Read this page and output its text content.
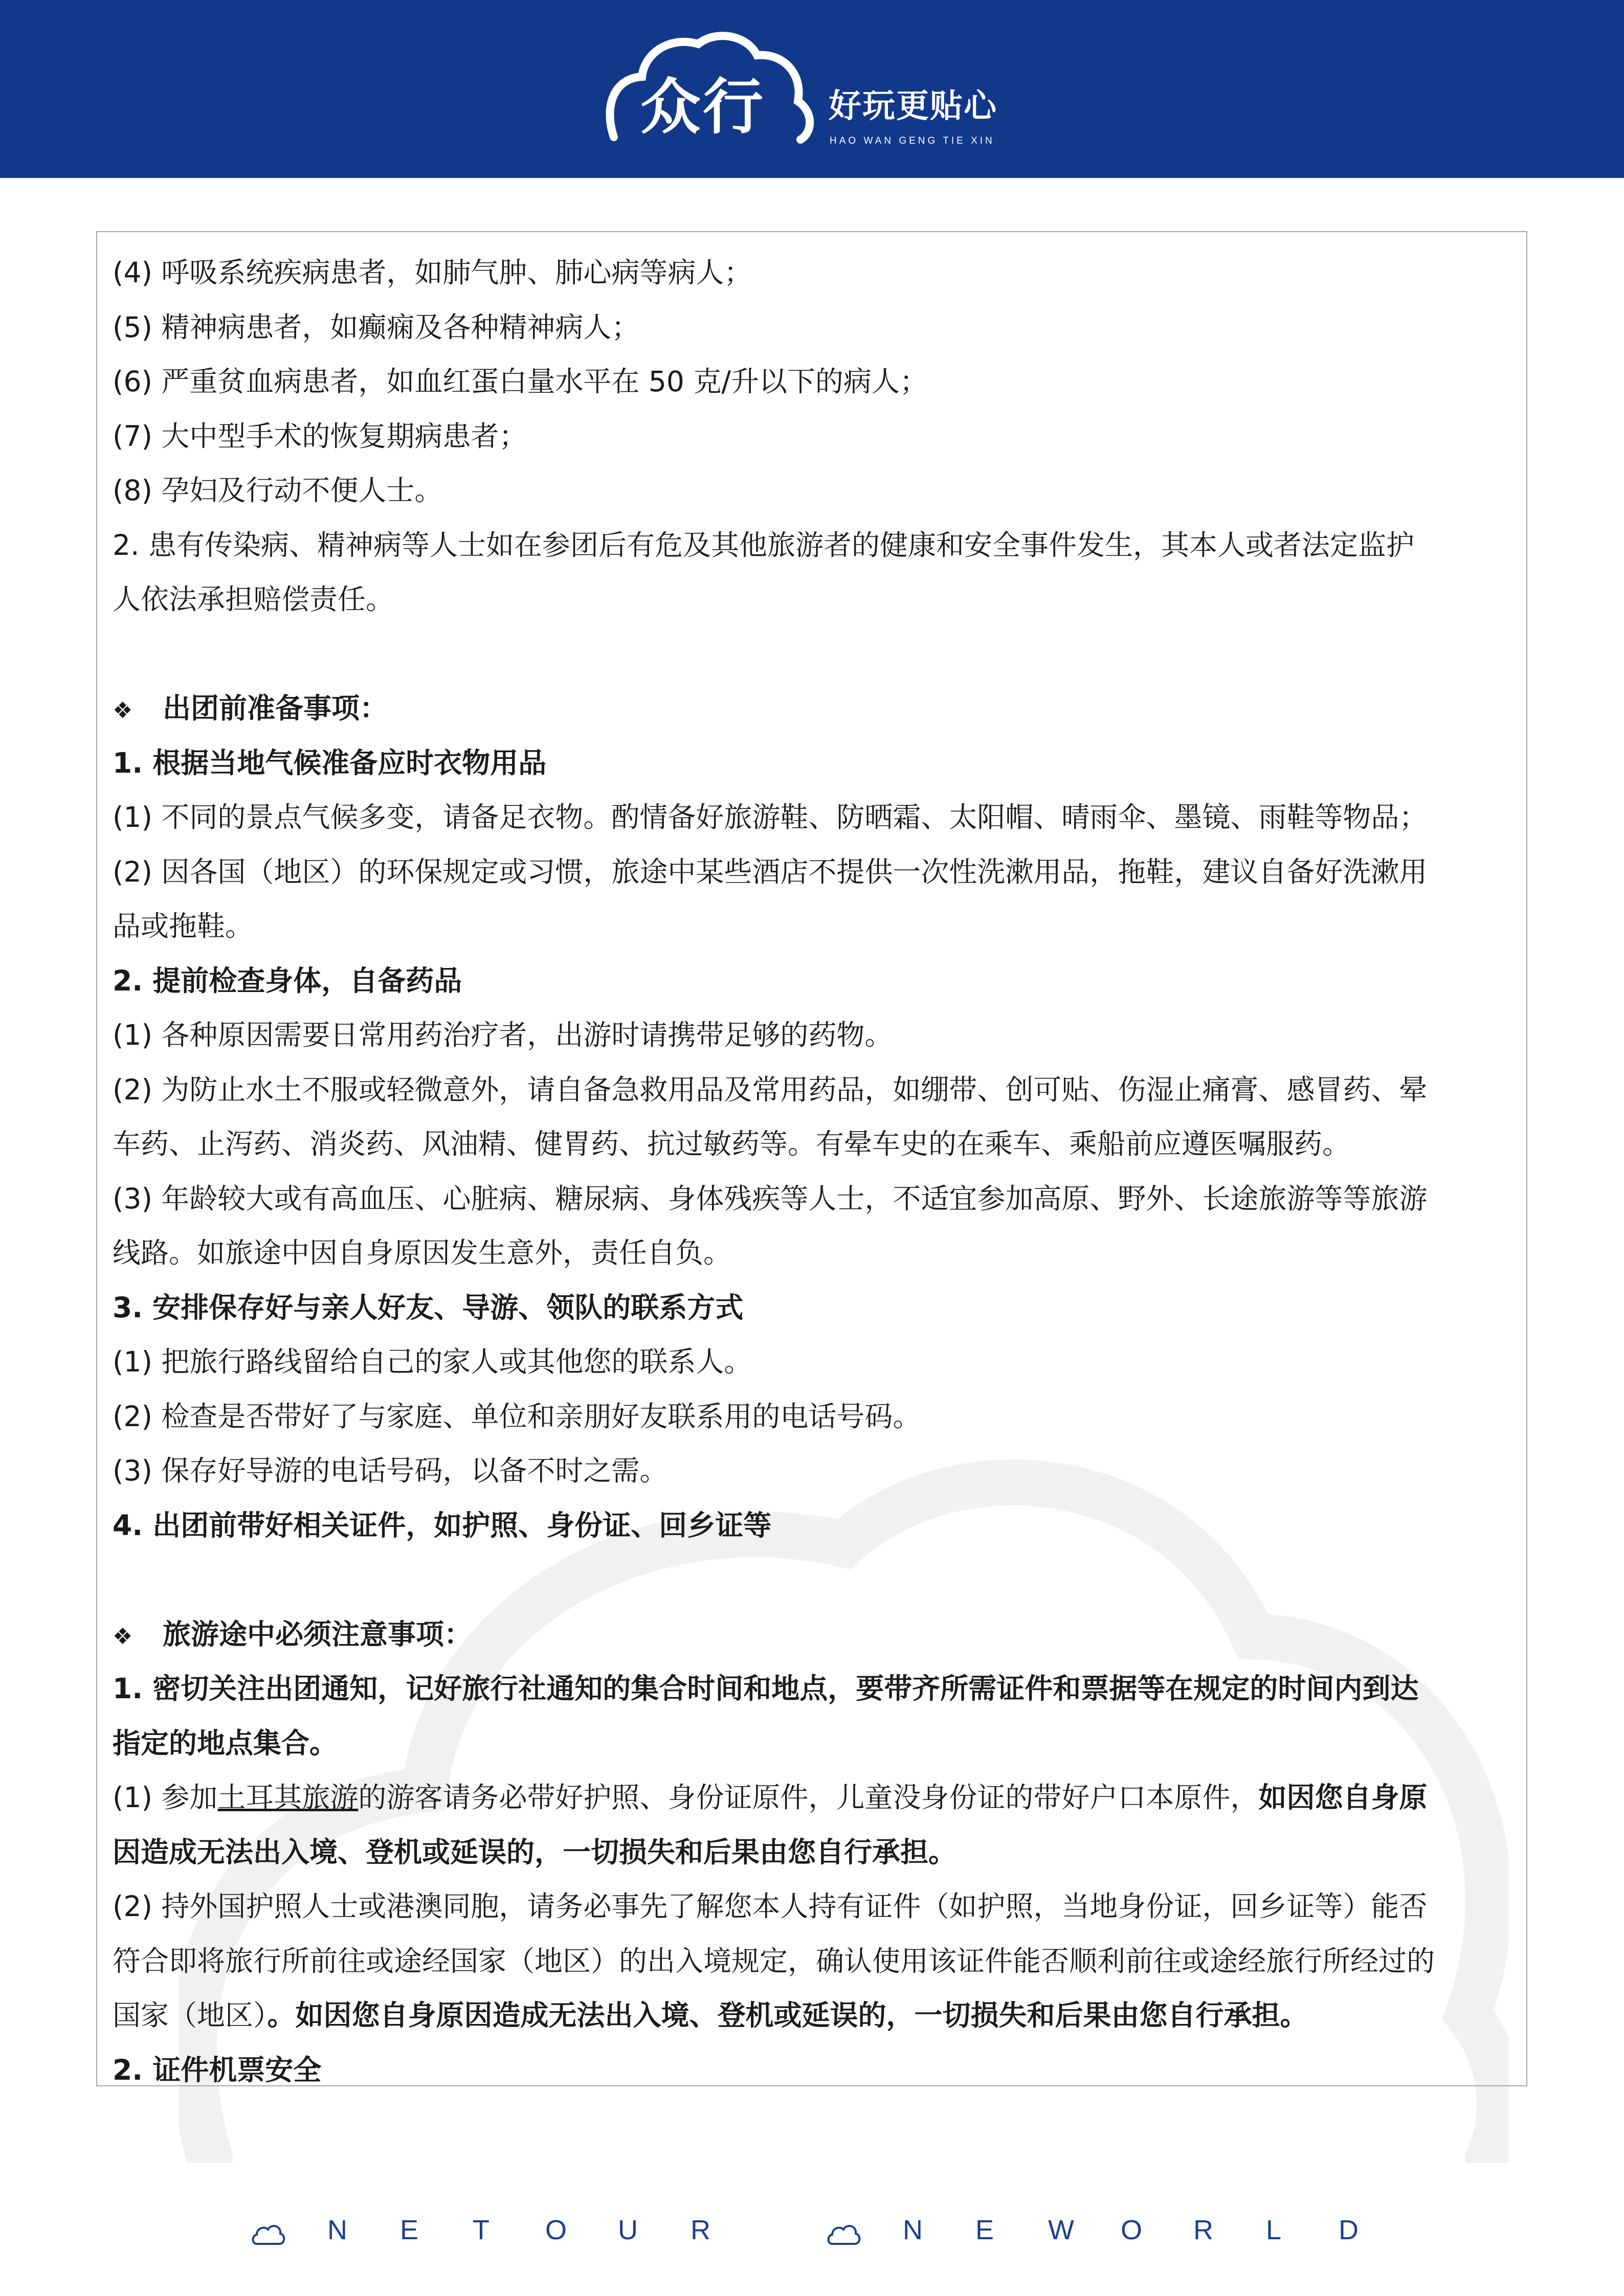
众行 好玩更贴心
HAO WAN GENG TIE XIN
(4) 呼吸系统疾病患者，如肺气肿、肺心病等病人；
(5) 精神病患者，如癫痫及各种精神病人；
(6) 严重贫血病患者，如血红蛋白量水平在 50 克/升以下的病人；
(7) 大中型手术的恢复期病患者；
(8) 孕妇及行动不便人士。
2. 患有传染病、精神病等人士如在参团后有危及其他旅游者的健康和安全事件发生，其本人或者法定监护
人依法承担赔偿责任。
❖ 出团前准备事项：
1. 根据当地气候准备应时衣物用品
(1) 不同的景点气候多变，请备足衣物。酌情备好旅游鞋、防晒霜、太阳帽、晴雨伞、墨镜、雨鞋等物品；
(2) 因各国（地区）的环保规定或习惯，旅途中某些酒店不提供一次性洗漱用品，拖鞋，建议自备好洗漱用
品或拖鞋。
2. 提前检查身体，自备药品
(1) 各种原因需要日常用药治疗者，出游时请携带足够的药物。
(2) 为防止水土不服或轻微意外，请自备急救用品及常用药品，如绷带、创可贴、伤湿止痛膏、感冒药、晕
车药、止泻药、消炎药、风油精、健胃药、抗过敏药等。有晕车史的在乘车、乘船前应遵医嘱服药。
(3) 年龄较大或有高血压、心脏病、糖尿病、身体残疾等人士，不适宜参加高原、野外、长途旅游等等旅游
线路。如旅途中因自身原因发生意外，责任自负。
3. 安排保存好与亲人好友、导游、领队的联系方式
(1) 把旅行路线留给自己的家人或其他您的联系人。
(2) 检查是否带好了与家庭、单位和亲朋好友联系用的电话号码。
(3) 保存好导游的电话号码，以备不时之需。
4. 出团前带好相关证件，如护照、身份证、回乡证等
❖ 旅游途中必须注意事项：
1. 密切关注出团通知，记好旅行社通知的集合时间和地点，要带齐所需证件和票据等在规定的时间内到达
指定的地点集合。
(1) 参加土耳其旅游的游客请务必带好护照、身份证原件，儿童没身份证的带好户口本原件，如因您自身原
因造成无法出入境、登机或延误的，一切损失和后果由您自行承担。
(2) 持外国护照人士或港澳同胞，请务必事先了解您本人持有证件（如护照，当地身份证，回乡证等）能否
符合即将旅行所前往或途经国家（地区）的出入境规定，确认使用该证件能否顺利前往或途经旅行所经过的
国家（地区）。如因您自身原因造成无法出入境、登机或延误的，一切损失和后果由您自行承担。
2. 证件机票安全
N E T O U R	N E W O R L D
